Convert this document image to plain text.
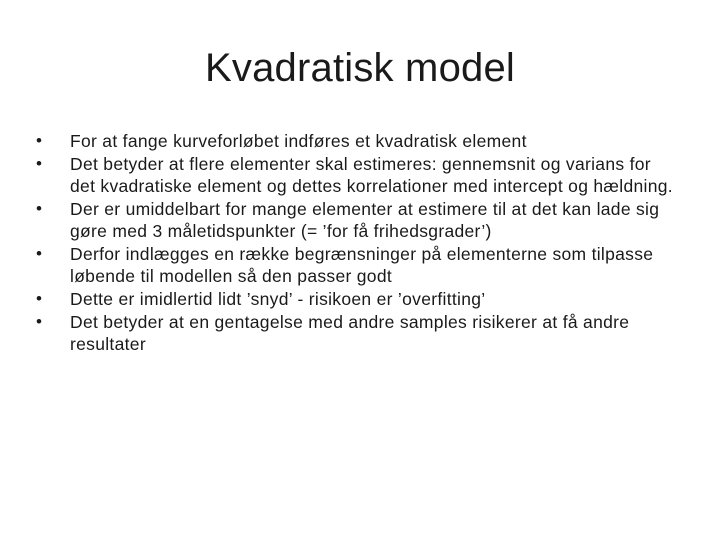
Kvadratisk model
•	For at fange kurveforløbet indføres et kvadratisk element
•	Det betyder at flere elementer skal estimeres: gennemsnit og varians for det kvadratiske element og dettes korrelationer med intercept og hældning.
•	Der er umiddelbart for mange elementer at estimere til at det kan lade sig gøre med 3 måletidspunkter (= ’for få frihedsgrader’)
•	Derfor indlægges en række begrænsninger på elementerne som tilpasse løbende til modellen så den passer godt
•	Dette er imidlertid lidt ’snyd’ - risikoen er ’overfitting’
•	Det betyder at en gentagelse med andre samples risikerer at få andre resultater
